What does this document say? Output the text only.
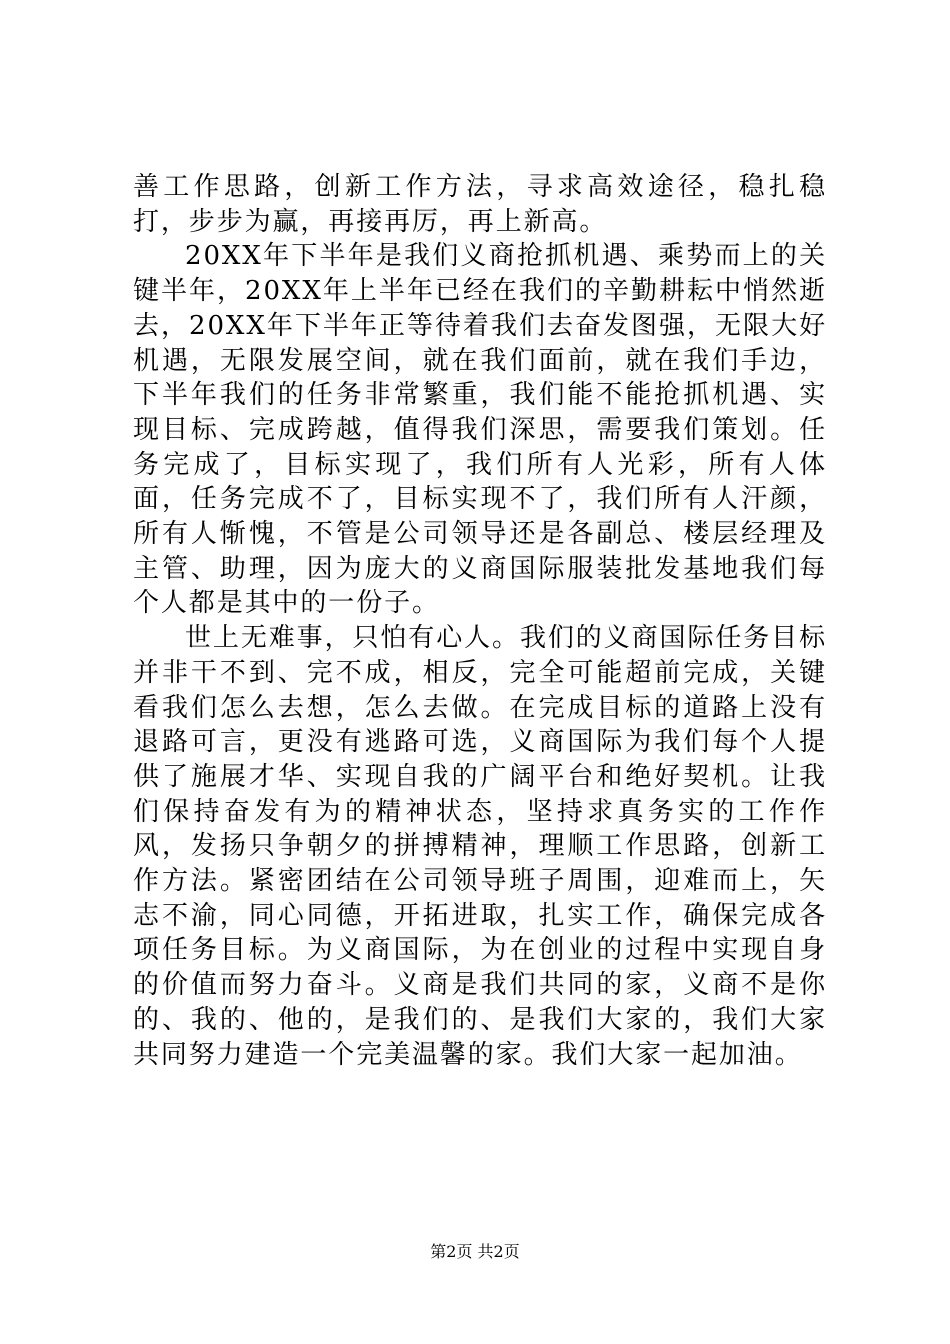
善工作思路，创新工作方法，寻求高效途径，稳扎稳打，步步为赢，再接再厉，再上新高。

20XX年下半年是我们义商抢抓机遇、乘势而上的关键半年，20XX年上半年已经在我们的辛勤耕耘中悄然逝去，20XX年下半年正等待着我们去奋发图强，无限大好机遇，无限发展空间，就在我们面前，就在我们手边，下半年我们的任务非常繁重，我们能不能抢抓机遇、实现目标、完成跨越，值得我们深思，需要我们策划。任务完成了，目标实现了，我们所有人光彩，所有人体面，任务完成不了，目标实现不了，我们所有人汗颜，所有人惭愧，不管是公司领导还是各副总、楼层经理及主管、助理，因为庞大的义商国际服装批发基地我们每个人都是其中的一份子。

世上无难事，只怕有心人。我们的义商国际任务目标并非干不到、完不成，相反，完全可能超前完成，关键看我们怎么去想，怎么去做。在完成目标的道路上没有退路可言，更没有逃路可选，义商国际为我们每个人提供了施展才华、实现自我的广阔平台和绝好契机。让我们保持奋发有为的精神状态，坚持求真务实的工作作风，发扬只争朝夕的拼搏精神，理顺工作思路，创新工作方法。紧密团结在公司领导班子周围，迎难而上，矢志不渝，同心同德，开拓进取，扎实工作，确保完成各项任务目标。为义商国际，为在创业的过程中实现自身的价值而努力奋斗。义商是我们共同的家，义商不是你的、我的、他的，是我们的、是我们大家的，我们大家共同努力建造一个完美温馨的家。我们大家一起加油。

第2页 共2页
